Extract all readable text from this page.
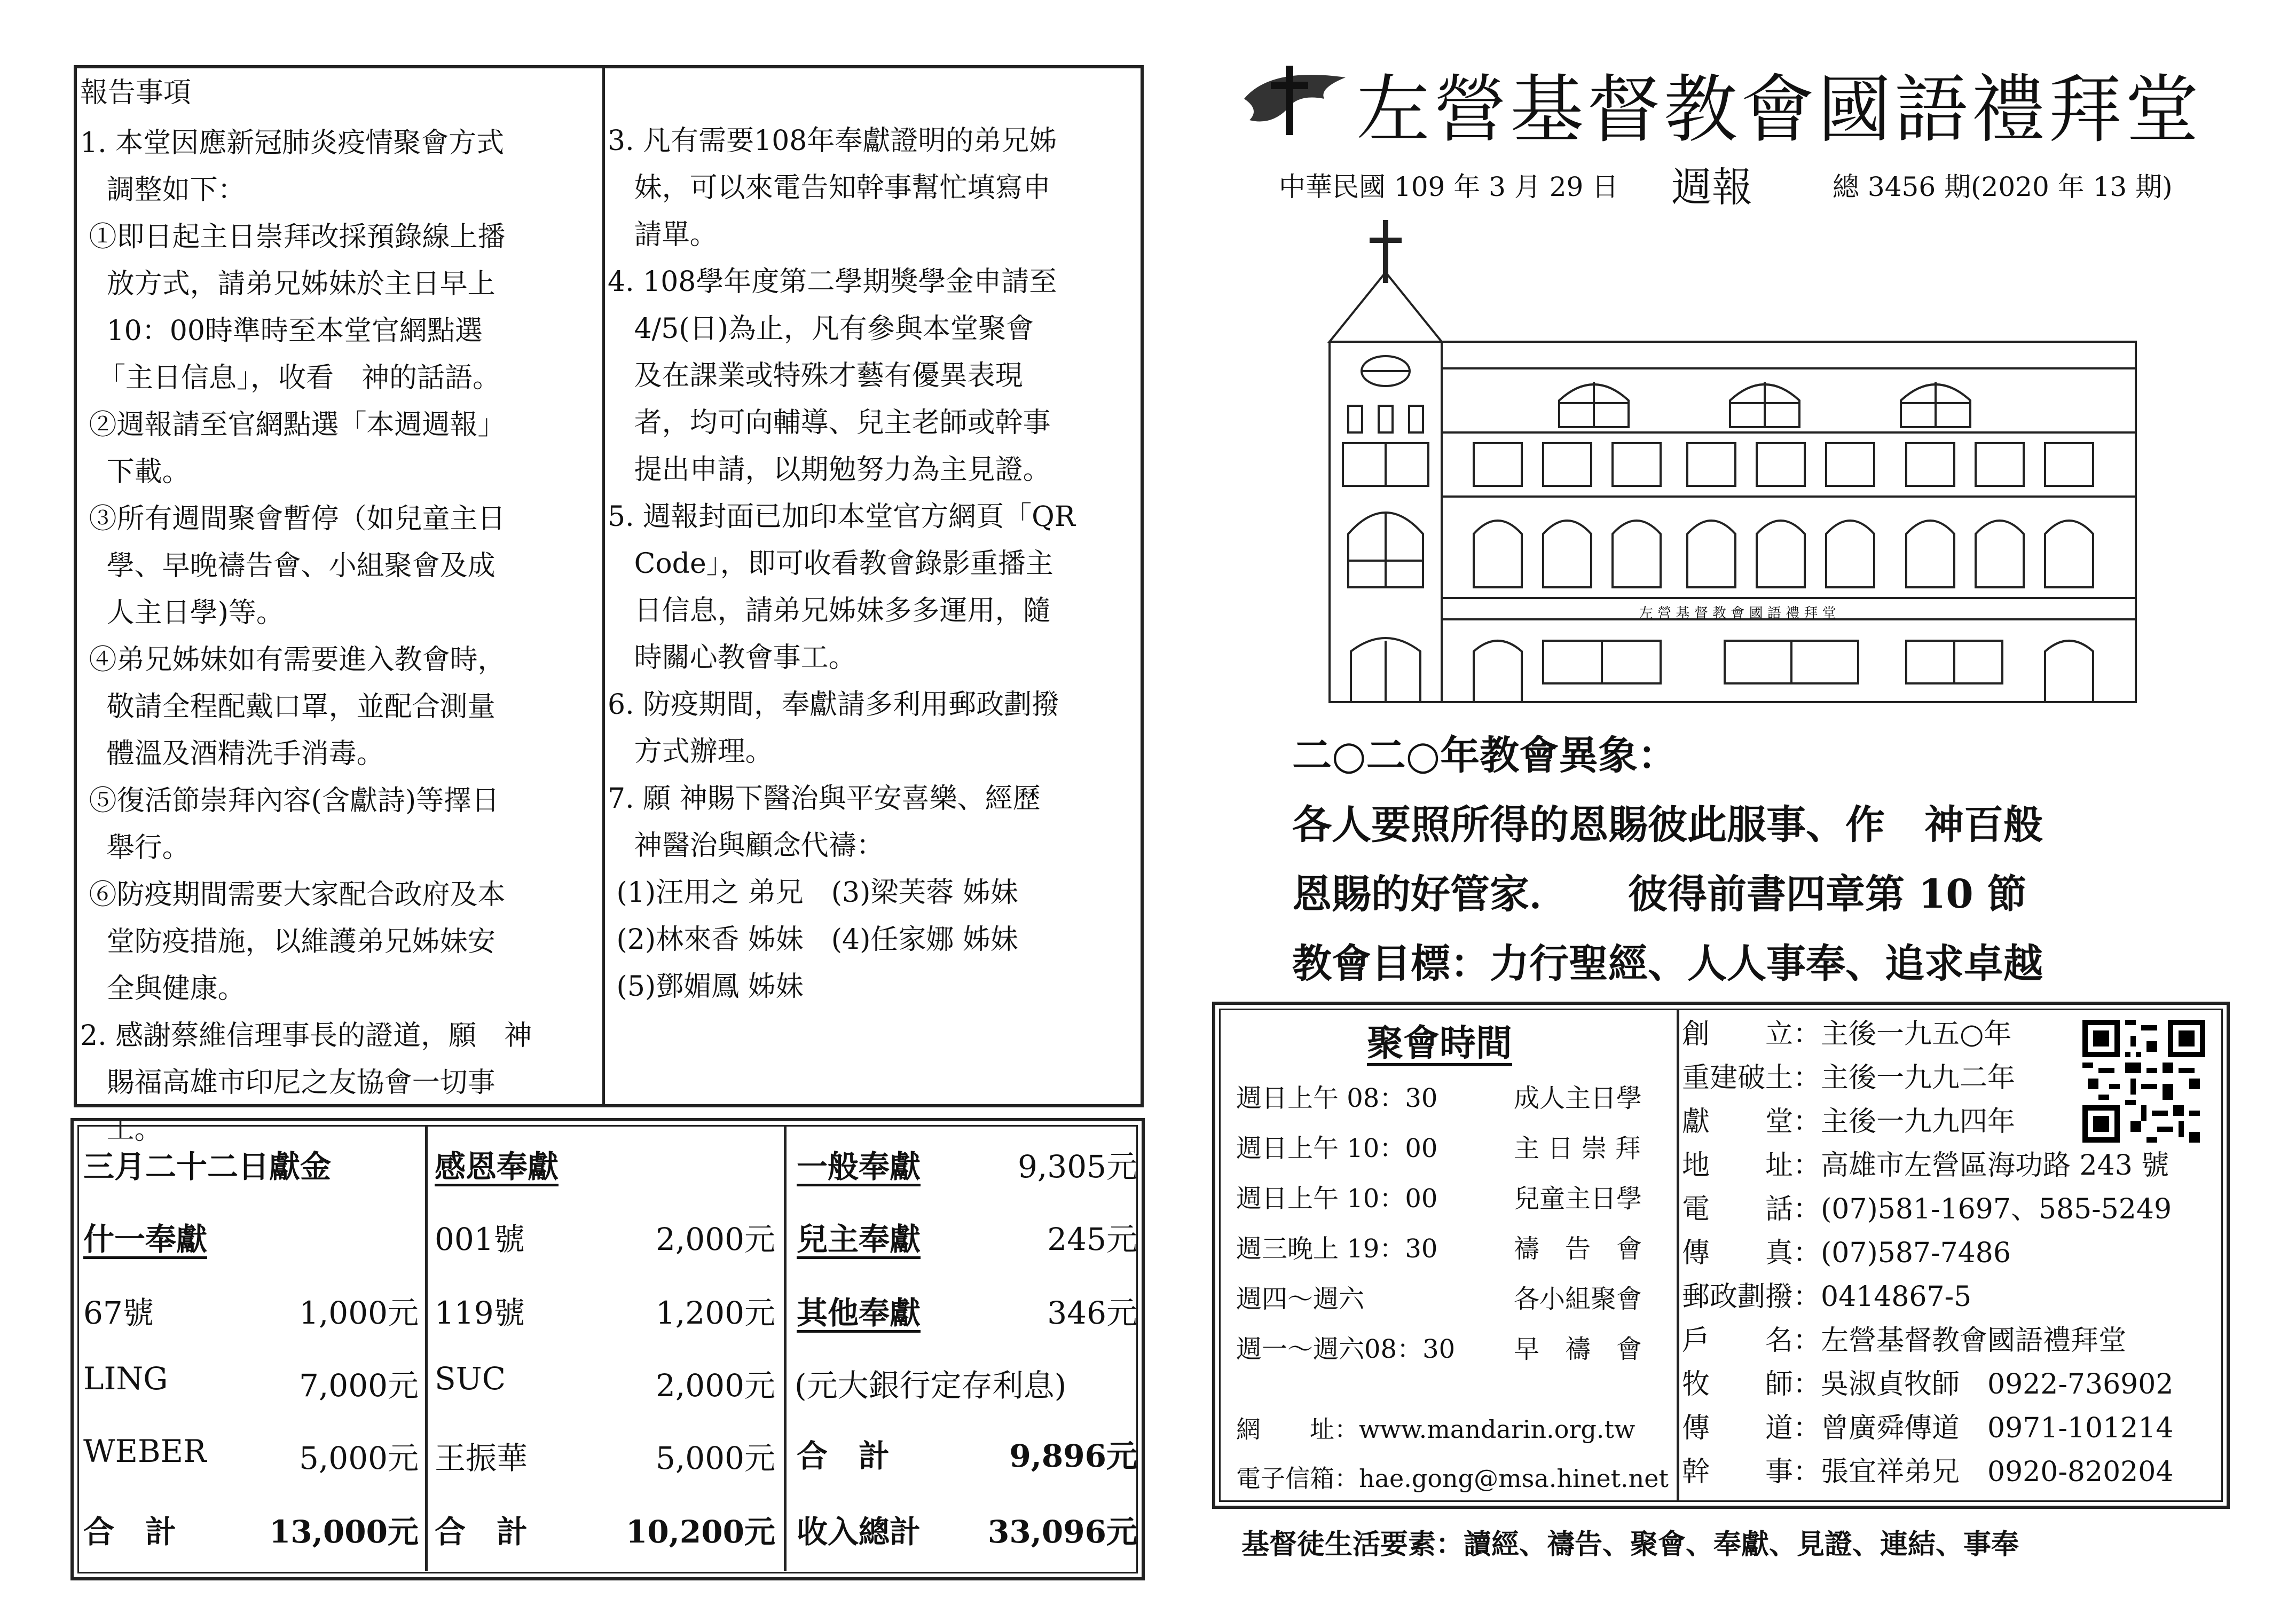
報告事項
1. 本堂因應新冠肺炎疫情聚會方式
調整如下：
①即日起主日崇拜改採預錄線上播
放方式，請弟兄姊妹於主日早上
10：00時準時至本堂官網點選
「主日信息」，收看　神的話語。
②週報請至官網點選「本週週報」
下載。
③所有週間聚會暫停（如兒童主日
學、早晚禱告會、小組聚會及成
人主日學)等。
④弟兄姊妹如有需要進入教會時，
敬請全程配戴口罩，並配合測量
體溫及酒精洗手消毒。
⑤復活節崇拜內容(含獻詩)等擇日
舉行。
⑥防疫期間需要大家配合政府及本
堂防疫措施，以維護弟兄姊妹安
全與健康。
2. 感謝蔡維信理事長的證道，願　神
賜福高雄市印尼之友協會一切事
工。
3. 凡有需要108年奉獻證明的弟兄姊
妹，可以來電告知幹事幫忙填寫申
請單。
4. 108學年度第二學期獎學金申請至
4/5(日)為止，凡有參與本堂聚會
及在課業或特殊才藝有優異表現
者，均可向輔導、兒主老師或幹事
提出申請，以期勉努力為主見證。
5. 週報封面已加印本堂官方網頁「QR
Code」，即可收看教會錄影重播主
日信息，請弟兄姊妹多多運用，隨
時關心教會事工。
6. 防疫期間，奉獻請多利用郵政劃撥
方式辦理。
7. 願 神賜下醫治與平安喜樂、經歷
神醫治與顧念代禱：
(1)汪用之 弟兄　(3)梁芙蓉 姊妹
(2)林來香 姊妹　(4)任家娜 姊妹
(5)鄧媚鳳 姊妹
三月二十二日獻金
什一奉獻
67號	1,000元
LING	7,000元
WEBER	5,000元
合　計	13,000元
感恩奉獻
001號	2,000元
119號	1,200元
SUC	2,000元
王振華	5,000元
合　計	10,200元
一般奉獻	9,305元
兒主奉獻	245元
其他奉獻	346元
(元大銀行定存利息)
合　計	9,896元
收入總計	33,096元
左營基督教會國語禮拜堂
中華民國 109 年 3 月 29 日 週報	總 3456 期(2020 年 13 期)
左 營 基 督 教 會 國 語 禮 拜 堂
二○二○年教會異象：
各人要照所得的恩賜彼此服事、作　神百般
恩賜的好管家．　　彼得前書四章第 10 節
教會目標：力行聖經、人人事奉、追求卓越
聚會時間
週日上午 08：30	成人主日學
週日上午 10：00	主 日 崇 拜
週日上午 10：00	兒童主日學
週三晚上 19：30	禱　告　會
週四～週六	各小組聚會
週一～週六08：30 早　禱　會
網　　址：www.mandarin.org.tw
電子信箱：hae.gong@msa.hinet.net
創　　立：主後一九五○年
重建破土：主後一九九二年
獻　　堂：主後一九九四年
地　　址：高雄市左營區海功路 243 號
電　　話：(07)581-1697、585-5249
傳　　真：(07)587-7486
郵政劃撥：0414867-5
戶　　名：左營基督教會國語禮拜堂
牧　　師：吳淑貞牧師　0922-736902
傳　　道：曾廣舜傳道　0971-101214
幹　　事：張宜祥弟兄　0920-820204
基督徒生活要素：讀經、禱告、聚會、奉獻、見證、連結、事奉
